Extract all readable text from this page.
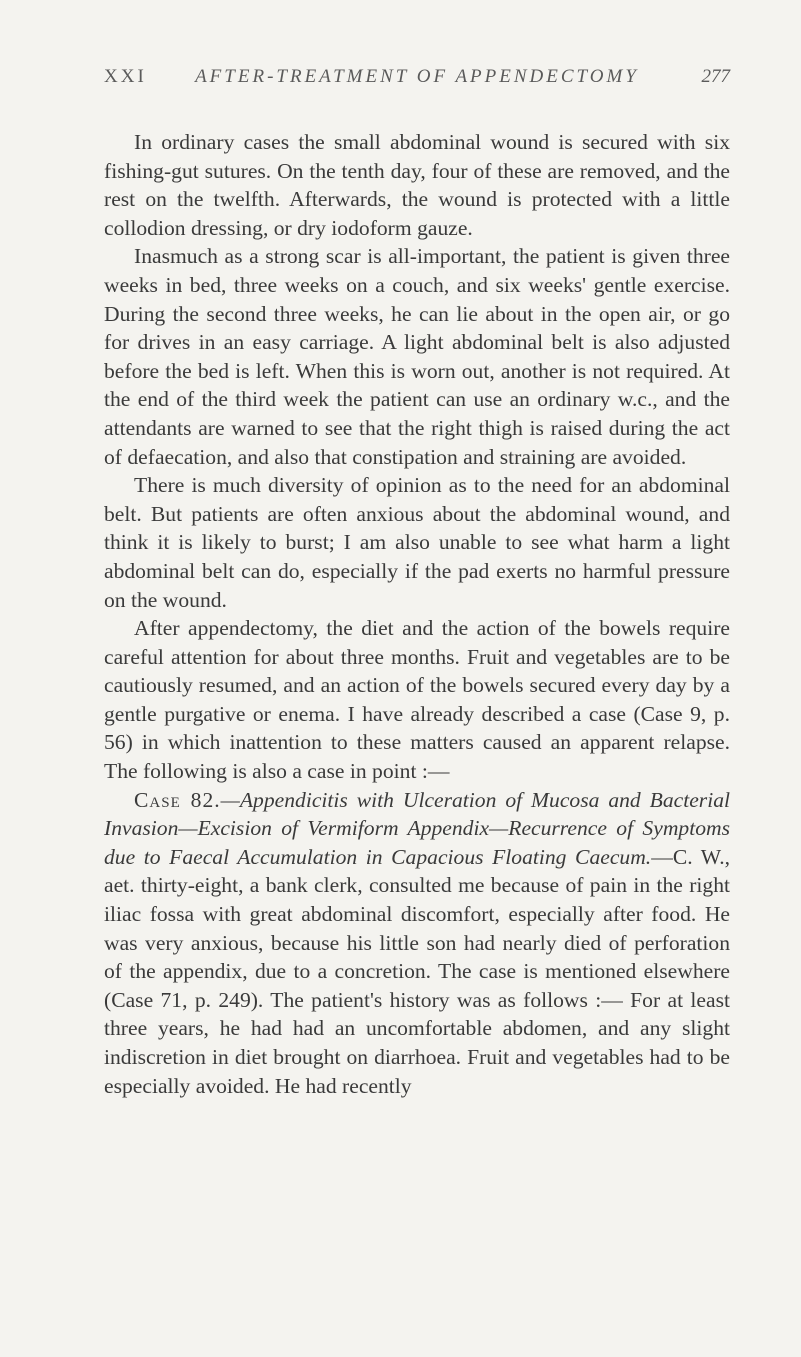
XXI	AFTER-TREATMENT OF APPENDECTOMY	277

In ordinary cases the small abdominal wound is secured with six fishing-gut sutures. On the tenth day, four of these are removed, and the rest on the twelfth. Afterwards, the wound is protected with a little collodion dressing, or dry iodoform gauze.

Inasmuch as a strong scar is all-important, the patient is given three weeks in bed, three weeks on a couch, and six weeks' gentle exercise. During the second three weeks, he can lie about in the open air, or go for drives in an easy carriage. A light abdominal belt is also adjusted before the bed is left. When this is worn out, another is not required. At the end of the third week the patient can use an ordinary w.c., and the attendants are warned to see that the right thigh is raised during the act of defaecation, and also that constipation and straining are avoided.

There is much diversity of opinion as to the need for an abdominal belt. But patients are often anxious about the abdominal wound, and think it is likely to burst; I am also unable to see what harm a light abdominal belt can do, especially if the pad exerts no harmful pressure on the wound.

After appendectomy, the diet and the action of the bowels require careful attention for about three months. Fruit and vegetables are to be cautiously resumed, and an action of the bowels secured every day by a gentle purgative or enema. I have already described a case (Case 9, p. 56) in which inattention to these matters caused an apparent relapse. The following is also a case in point :—

Case 82.—Appendicitis with Ulceration of Mucosa and Bacterial Invasion—Excision of Vermiform Appendix—Recurrence of Symptoms due to Faecal Accumulation in Capacious Floating Caecum.—C. W., aet. thirty-eight, a bank clerk, consulted me because of pain in the right iliac fossa with great abdominal discomfort, especially after food. He was very anxious, because his little son had nearly died of perforation of the appendix, due to a concretion. The case is mentioned elsewhere (Case 71, p. 249). The patient's history was as follows :— For at least three years, he had had an uncomfortable abdomen, and any slight indiscretion in diet brought on diarrhoea. Fruit and vegetables had to be especially avoided. He had recently
